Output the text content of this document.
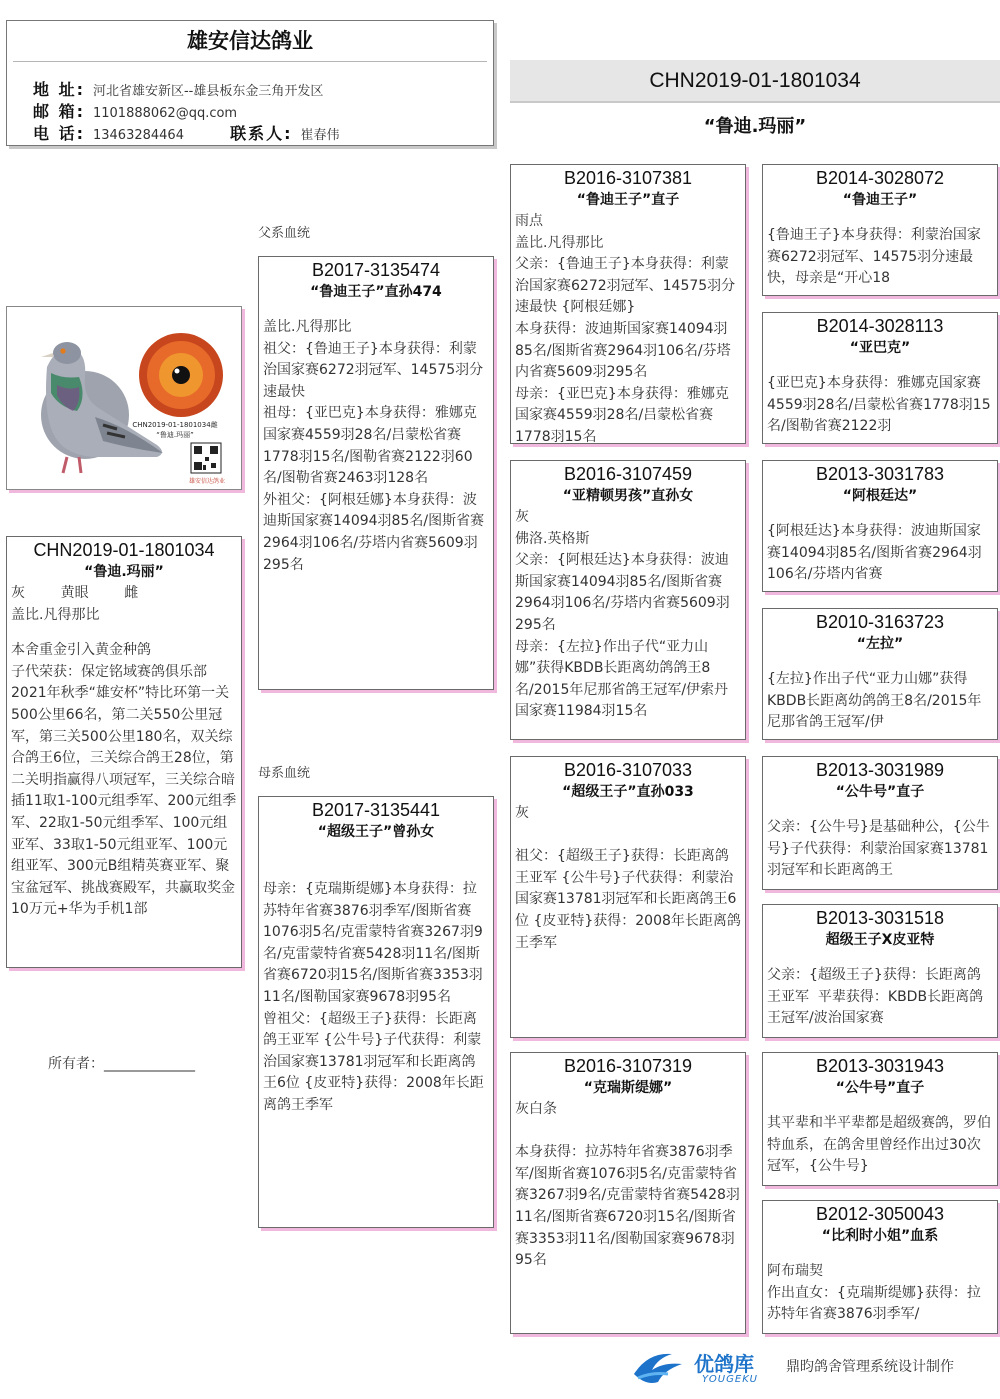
雄安信达鸽业
地 址: 河北省雄安新区--雄县板东金三角开发区
邮 箱: 1101888062@qq.com
电 话: 13463284464	联系人: 崔春伟
CHN2019-01-1801034
“鲁迪.玛丽”
CHN2019-01-1801034雌
“鲁迪.玛丽”
雄安信达鸽业
父系血统
母系血统
CHN2019-01-1801034
“鲁迪.玛丽”
灰        黄眼        雌
盖比.凡得那比
本舍重金引入黄金种鸽
子代荣获：保定铭域赛鸽俱乐部2021年秋季“雄安杯”特比环第一关500公里66名，第二关550公里冠军，第三关500公里180名，双关综合鸽王6位，三关综合鸽王28位，第二关明指赢得八项冠军，三关综合暗插11取1-100元组季军、200元组季军、22取1-50元组季军、100元组亚军、33取1-50元组亚军、100元组亚军、300元B组精英赛亚军、聚宝盆冠军、挑战赛殿军，共赢取奖金10万元+华为手机1部
所有者：_____________
B2017-3135474
“鲁迪王子”直孙474
盖比.凡得那比
祖父：{鲁迪王子}本身获得：利蒙治国家赛6272羽冠军、14575羽分速最快
祖母：{亚巴克}本身获得：雅娜克国家赛4559羽28名/吕蒙松省赛1778羽15名/图勒省赛2122羽60名/图勒省赛2463羽128名
外祖父：{阿根廷娜}本身获得：波迪斯国家赛14094羽85名/图斯省赛2964羽106名/芬塔内省赛5609羽295名
B2017-3135441
“超级王子”曾孙女
母亲：{克瑞斯缇娜}本身获得：拉苏特年省赛3876羽季军/图斯省赛1076羽5名/克雷蒙特省赛3267羽9名/克雷蒙特省赛5428羽11名/图斯省赛6720羽15名/图斯省赛3353羽11名/图勒国家赛9678羽95名
曾祖父：{超级王子}获得：长距离鸽王亚军 {公牛号}子代获得：利蒙治国家赛13781羽冠军和长距离鸽王6位 {皮亚特}获得：2008年长距离鸽王季军
B2016-3107381
“鲁迪王子”直子
雨点
盖比.凡得那比
父亲：{鲁迪王子}本身获得：利蒙治国家赛6272羽冠军、14575羽分速最快 {阿根廷娜}
本身获得：波迪斯国家赛14094羽85名/图斯省赛2964羽106名/芬塔内省赛5609羽295名
母亲：{亚巴克}本身获得：雅娜克国家赛4559羽28名/吕蒙松省赛1778羽15名
B2016-3107459
“亚精顿男孩”直孙女
灰
佛洛.英格斯
父亲：{阿根廷达}本身获得：波迪斯国家赛14094羽85名/图斯省赛2964羽106名/芬塔内省赛5609羽295名
母亲：{左拉}作出子代“亚力山娜”获得KBDB长距离幼鸽鸽王8名/2015年尼那省鸽王冠军/伊索丹国家赛11984羽15名
B2016-3107033
“超级王子”直孙033
灰

祖父：{超级王子}获得：长距离鸽王亚军 {公牛号}子代获得：利蒙治国家赛13781羽冠军和长距离鸽王6位 {皮亚特}获得：2008年长距离鸽王季军
B2016-3107319
“克瑞斯缇娜”
灰白条

本身获得：拉苏特年省赛3876羽季军/图斯省赛1076羽5名/克雷蒙特省赛3267羽9名/克雷蒙特省赛5428羽11名/图斯省赛6720羽15名/图斯省赛3353羽11名/图勒国家赛9678羽95名
B2014-3028072
“鲁迪王子”
{鲁迪王子}本身获得：利蒙治国家赛6272羽冠军、14575羽分速最快，母亲是“开心18
B2014-3028113
“亚巴克”
{亚巴克}本身获得：雅娜克国家赛4559羽28名/吕蒙松省赛1778羽15名/图勒省赛2122羽
B2013-3031783
“阿根廷达”
{阿根廷达}本身获得：波迪斯国家赛14094羽85名/图斯省赛2964羽106名/芬塔内省赛
B2010-3163723
“左拉”
{左拉}作出子代“亚力山娜”获得KBDB长距离幼鸽鸽王8名/2015年尼那省鸽王冠军/伊
B2013-3031989
“公牛号”直子
父亲：{公牛号}是基础种公，{公牛号}子代获得：利蒙治国家赛13781羽冠军和长距离鸽王
B2013-3031518
超级王子X皮亚特
父亲：{超级王子}获得：长距离鸽王亚军  平辈获得：KBDB长距离鸽王冠军/波治国家赛
B2013-3031943
“公牛号”直子
其平辈和半平辈都是超级赛鸽，罗伯特血系，在鸽舍里曾经作出过30次冠军，{公牛号}
B2012-3050043
“比利时小姐”血系
阿布瑞契
作出直女：{克瑞斯缇娜}获得：拉苏特年省赛3876羽季军/
优鸽库
YOUGEKU
鼎昀鸽舍管理系统设计制作
